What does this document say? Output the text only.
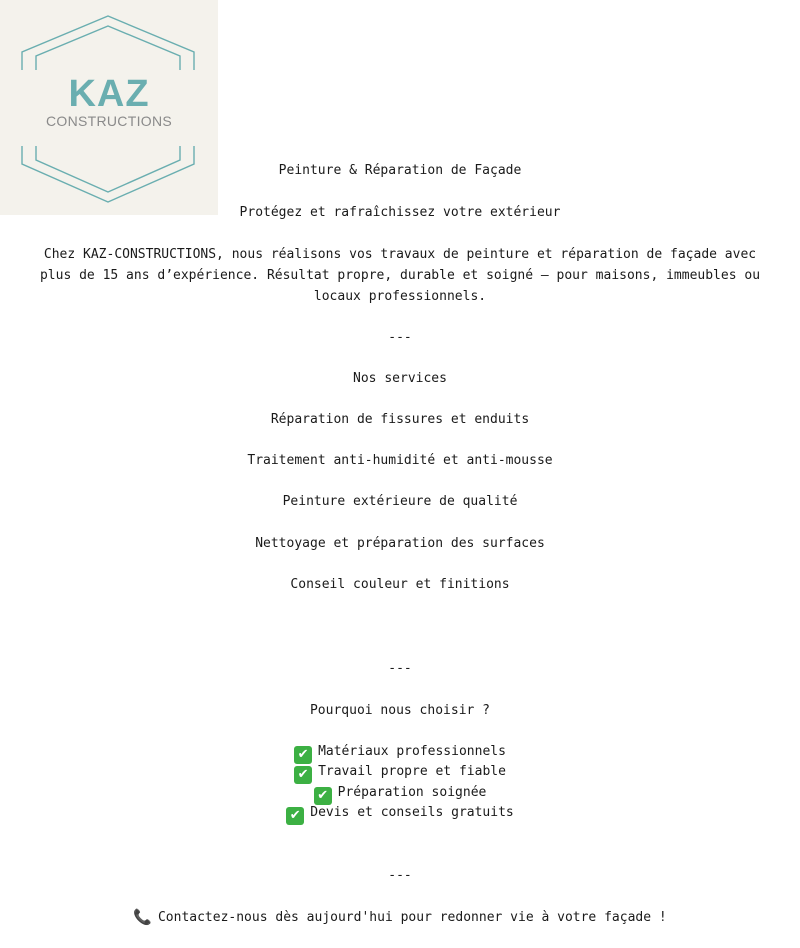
KAZ
CONSTRUCTIONS
Peinture & Réparation de Façade
Protégez et rafraîchissez votre extérieur
Chez KAZ-CONSTRUCTIONS, nous réalisons vos travaux de peinture et réparation de façade avec plus de 15 ans d’expérience. Résultat propre, durable et soigné – pour maisons, immeubles ou locaux professionnels.
---
Nos services
Réparation de fissures et enduits
Traitement anti-humidité et anti-mousse
Peinture extérieure de qualité
Nettoyage et préparation des surfaces
Conseil couleur et finitions
---
Pourquoi nous choisir ?
✔ Matériaux professionnels
✔ Travail propre et fiable
✔ Préparation soignée
✔ Devis et conseils gratuits
---
📞 Contactez-nous dès aujourd'hui pour redonner vie à votre façade !
